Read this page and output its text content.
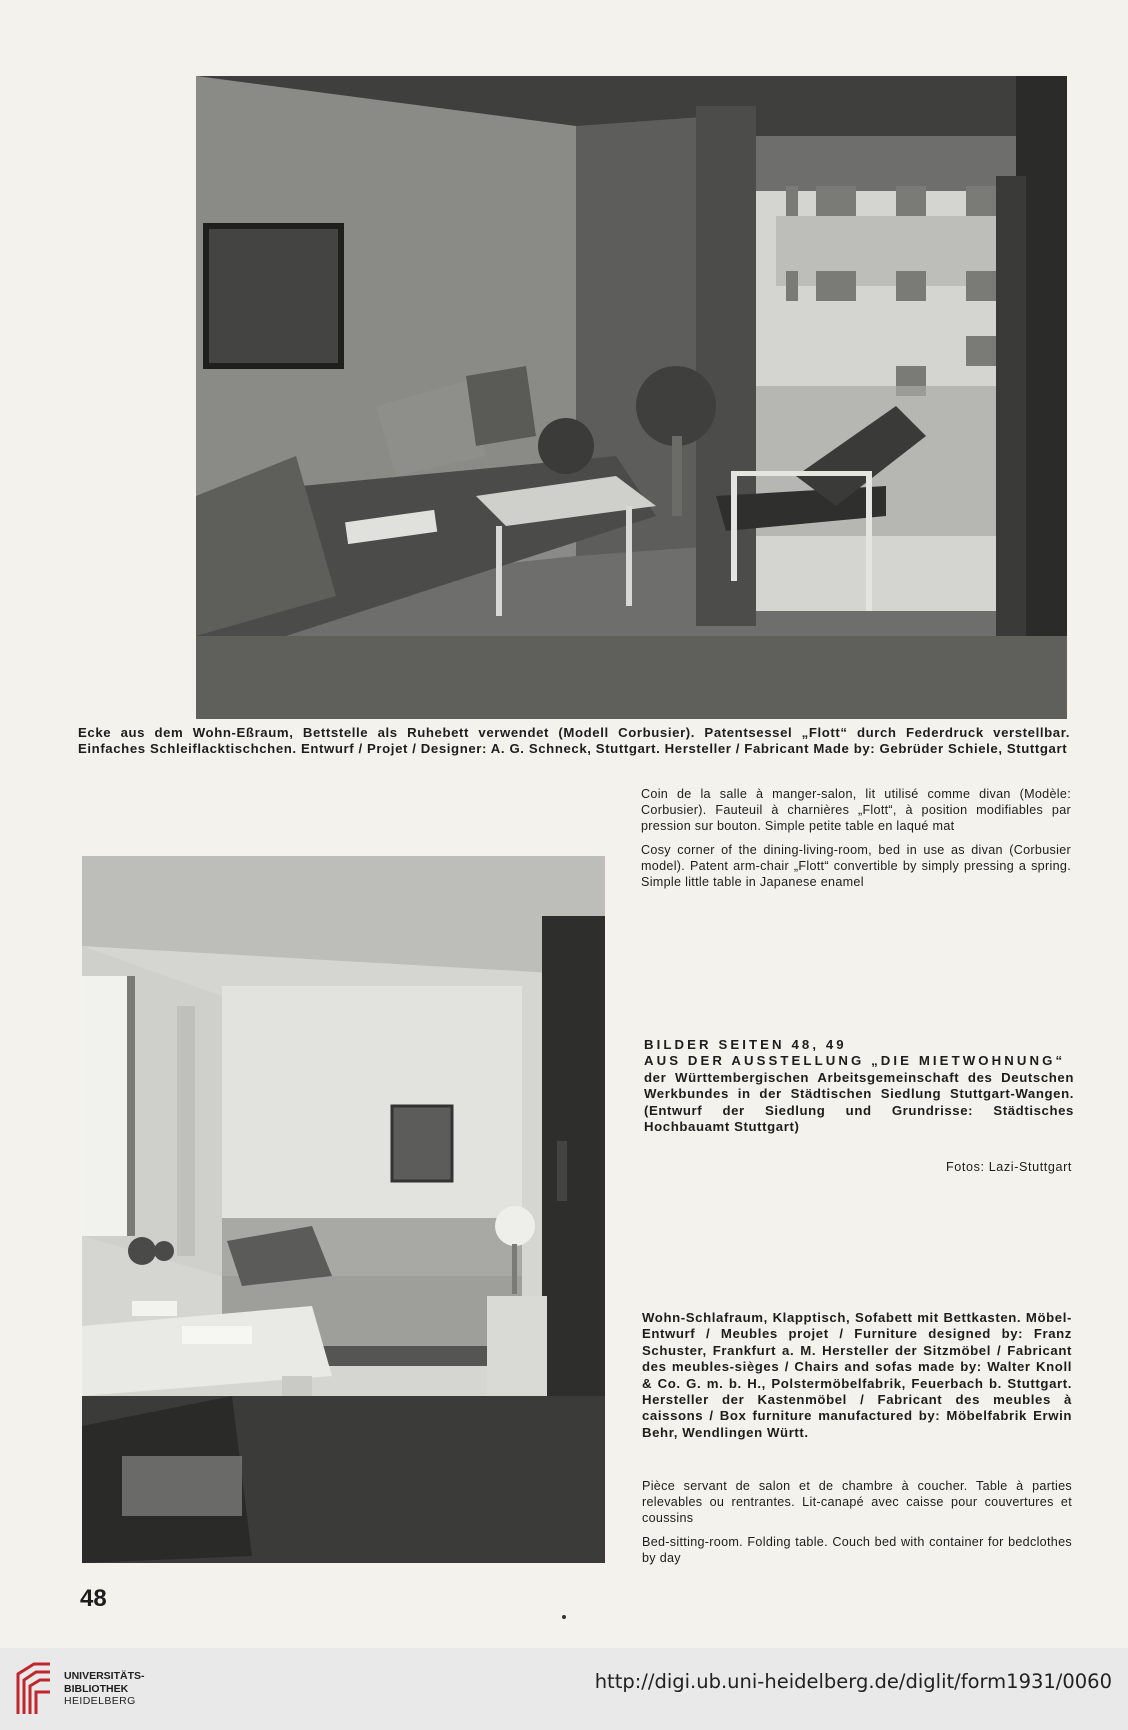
Ecke aus dem Wohn-Eßraum, Bettstelle als Ruhebett verwendet (Modell Corbusier). Patentsessel „Flott“ durch Federdruck verstellbar. Einfaches Schleiflacktischchen. Entwurf / Projet / Designer: A. G. Schneck, Stuttgart. Hersteller / Fabricant Made by: Gebrüder Schiele, Stuttgart

Coin de la salle à manger-salon, lit utilisé comme divan (Modèle: Corbusier). Fauteuil à charnières „Flott“, à position modifiables par pression sur bouton. Simple petite table en laqué mat

Cosy corner of the dining-living-room, bed in use as divan (Corbusier model). Patent arm-chair „Flott“ convertible by simply pressing a spring. Simple little table in Japanese enamel

BILDER SEITEN 48, 49
AUS DER AUSSTELLUNG „DIE MIETWOHNUNG“
der Württembergischen Arbeitsgemeinschaft des Deutschen Werkbundes in der Städtischen Siedlung Stuttgart-Wangen. (Entwurf der Siedlung und Grundrisse: Städtisches Hochbauamt Stuttgart)
Fotos: Lazi-Stuttgart

Wohn-Schlafraum, Klapptisch, Sofabett mit Bettkasten. Möbel-Entwurf / Meubles projet / Furniture designed by: Franz Schuster, Frankfurt a. M. Hersteller der Sitzmöbel / Fabricant des meubles-sièges / Chairs and sofas made by: Walter Knoll & Co. G. m. b. H., Polstermöbelfabrik, Feuerbach b. Stuttgart. Hersteller der Kastenmöbel / Fabricant des meubles à caissons / Box furniture manufactured by: Möbelfabrik Erwin Behr, Wendlingen Württ.

Pièce servant de salon et de chambre à coucher. Table à parties relevables ou rentrantes. Lit-canapé avec caisse pour couvertures et coussins

Bed-sitting-room. Folding table. Couch bed with container for bedclothes by day

48
UNIVERSITÄTS-
BIBLIOTHEK
HEIDELBERG
http://digi.ub.uni-heidelberg.de/diglit/form1931/0060
